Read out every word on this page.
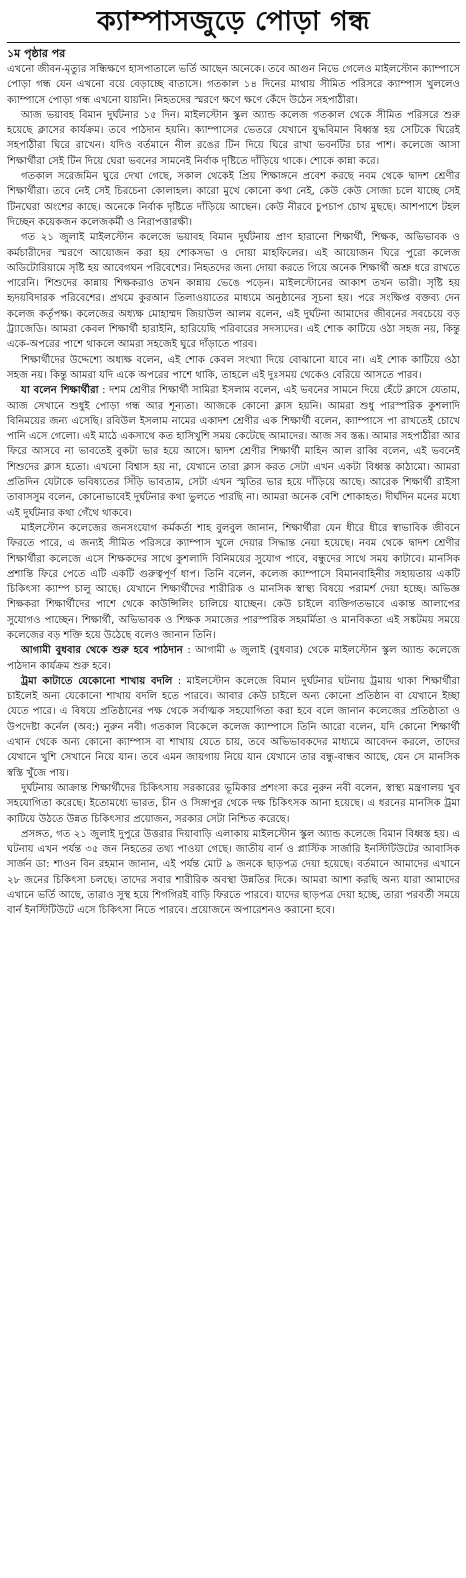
ক্যাম্পাসজুড়ে পোড়া গন্ধ
১ম পৃষ্ঠার পর

এখনো জীবন-মৃত্যুর সন্ধিক্ষণে হাসপাতালে ভর্তি আছেন অনেকে। তবে আগুন নিভে গেলেও মাইলস্টোন ক্যাম্পাসে পোড়া গন্ধ যেন এখনো বয়ে বেড়াচ্ছে বাতাসে। গতকাল ১৪ দিনের মাথায় সীমিত পরিসরে ক্যাম্পাস খুললেও ক্যাম্পাসে পোড়া গন্ধ এখনো যায়নি। নিহতদের স্মরণে ক্ষণে ক্ষণে কেঁদে উঠেন সহপাঠীরা।

আজ ভয়াবহ বিমান দুর্ঘটনার ১৫ দিন। মাইলস্টোন স্কুল অ্যান্ড কলেজ গতকাল থেকে সীমিত পরিসরে শুরু হয়েছে ক্লাসের কার্যক্রম। তবে পাঠদান হয়নি। ক্যাম্পাসের ভেতরে যেখানে যুদ্ধবিমান বিধ্বস্ত হয় সেটিকে ঘিরেই সহপাঠীরা ঘিরে রাখেন। যদিও বর্তমানে নীল রঙের টিন দিয়ে ঘিরে রাখা ভবনটির চার পাশ। কলেজে আসা শিক্ষার্থীরা সেই টিন দিয়ে ঘেরা ভবনের সামনেই নির্বাক দৃষ্টিতে দাঁড়িয়ে থাকে। শোকে কান্না করে।

গতকাল সরেজমিন ঘুরে দেখা গেছে, সকাল থেকেই প্রিয় শিক্ষাঙ্গনে প্রবেশ করছে নবম থেকে দ্বাদশ শ্রেণীর শিক্ষার্থীরা। তবে নেই সেই চিরচেনা কোলাহল। কারো মুখে কোনো কথা নেই, কেউ কেউ সোজা চলে যাচ্ছে সেই টিনঘেরা অংশের কাছে। অনেকে নির্বাক দৃষ্টিতে দাঁড়িয়ে আছেন। কেউ নীরবে চুপচাপ চোখ মুছছে। আশপাশে টহল দিচ্ছেন কয়েকজন কলেজকর্মী ও নিরাপত্তারক্ষী।

গত ২১ জুলাই মাইলস্টোন কলেজে ভয়াবহ বিমান দুর্ঘটনায় প্রাণ হারানো শিক্ষার্থী, শিক্ষক, অভিভাবক ও কর্মচারীদের স্মরণে আয়োজন করা হয় শোকসভা ও দোয়া মাহফিলের। এই আয়োজন ঘিরে পুরো কলেজ অডিটোরিয়ামে সৃষ্টি হয় আবেগঘন পরিবেশের। নিহতদের জন্য দোয়া করতে গিয়ে অনেক শিক্ষার্থী অশ্রু ধরে রাখতে পারেনি। শিশুদের কান্নায় শিক্ষকরাও তখন কান্নায় ভেঙে পড়েন। মাইলস্টোনের আকাশ তখন ভারী। সৃষ্টি হয় হৃদয়বিদারক পরিবেশের। প্রথমে কুরআন তিলাওয়াতের মাধ্যমে অনুষ্ঠানের সূচনা হয়। পরে সংক্ষিপ্ত বক্তব্য দেন কলেজ কর্তৃপক্ষ। কলেজের অধ্যক্ষ মোহাম্মদ জিয়াউল আলম বলেন, এই দুর্ঘটনা আমাদের জীবনের সবচেয়ে বড় ট্র্যাজেডি। আমরা কেবল শিক্ষার্থী হারাইনি, হারিয়েছি পরিবারের সদস্যদের। এই শোক কাটিয়ে ওঠা সহজ নয়, কিন্তু একে-অপরের পাশে থাকলে আমরা সহজেই ঘুরে দাঁড়াতে পারব।

শিক্ষার্থীদের উদ্দেশ্যে অধ্যক্ষ বলেন, এই শোক কেবল সংখ্যা দিয়ে বোঝানো যাবে না। এই শোক কাটিয়ে ওঠা সহজ নয়। কিন্তু আমরা যদি একে অপরের পাশে থাকি, তাহলে এই দুঃসময় থেকেও বেরিয়ে আসতে পারব।

যা বলেন শিক্ষার্থীরা : দশম শ্রেণীর শিক্ষার্থী সামিরা ইসলাম বলেন, এই ভবনের সামনে দিয়ে হেঁটে ক্লাসে যেতাম, আজ সেখানে শুধুই পোড়া গন্ধ আর শূন্যতা। আজকে কোনো ক্লাস হয়নি। আমরা শুধু পারস্পরিক কুশলাদি বিনিময়ের জন্য এসেছি। রবিউল ইসলাম নামের একাদশ শ্রেণীর এক শিক্ষার্থী বলেন, ক্যাম্পাসে পা রাখতেই চোখে পানি এসে গেলো। এই মাঠে একসাথে কত হাসিখুশি সময় কেটেছে আমাদের। আজ সব স্তব্ধ। আমার সহপাঠীরা আর ফিরে আসবে না ভাবতেই বুকটা ভার হয়ে আসে। দ্বাদশ শ্রেণীর শিক্ষার্থী মাহিন আল রাব্বি বলেন, এই ভবনেই শিশুদের ক্লাস হতো। এখনো বিশ্বাস হয় না, যেখানে তারা ক্লাস করত সেটা এখন একটা বিধ্বস্ত কাঠামো। আমরা প্রতিদিন যেটাকে ভবিষ্যতের সিঁড়ি ভাবতাম, সেটা এখন স্মৃতির ভার হয়ে দাঁড়িয়ে আছে। আরেক শিক্ষার্থী রাইসা তাবাসসুম বলেন, কোনোভাবেই দুর্ঘটনার কথা ভুলতে পারছি না। আমরা অনেক বেশি শোকাহত। দীর্ঘদিন মনের মধ্যে এই দুর্ঘটনার কথা গেঁথে থাকবে।

মাইলস্টোন কলেজের জনসংযোগ কর্মকর্তা শাহ বুলবুল জানান, শিক্ষার্থীরা যেন ধীরে ধীরে স্বাভাবিক জীবনে ফিরতে পারে, এ জন্যই সীমিত পরিসরে ক্যাম্পাস খুলে দেয়ার সিদ্ধান্ত নেয়া হয়েছে। নবম থেকে দ্বাদশ শ্রেণীর শিক্ষার্থীরা কলেজে এসে শিক্ষকদের সাথে কুশলাদি বিনিময়ের সুযোগ পাবে, বন্ধুদের সাথে সময় কাটাবে। মানসিক প্রশান্তি ফিরে পেতে এটি একটি গুরুত্বপূর্ণ ধাপ। তিনি বলেন, কলেজ ক্যাম্পাসে বিমানবাহিনীর সহায়তায় একটি চিকিৎসা ক্যাম্প চালু আছে। যেখানে শিক্ষার্থীদের শারীরিক ও মানসিক স্বাস্থ্য বিষয়ে পরামর্শ দেয়া হচ্ছে। অভিজ্ঞ শিক্ষকরা শিক্ষার্থীদের পাশে থেকে কাউন্সিলিং চালিয়ে যাচ্ছেন। কেউ চাইলে ব্যক্তিগতভাবে একান্ত আলাপের সুযোগও পাচ্ছেন। শিক্ষার্থী, অভিভাবক ও শিক্ষক সমাজের পারস্পরিক সহমর্মিতা ও মানবিকতা এই সঙ্কটময় সময়ে কলেজের বড় শক্তি হয়ে উঠেছে বলেও জানান তিনি।

আগামী বুধবার থেকে শুরু হবে পাঠদান : আগামী ৬ জুলাই (বুধবার) থেকে মাইলস্টোন স্কুল অ্যান্ড কলেজে পাঠদান কার্যক্রম শুরু হবে।

ট্রমা কাটাতে যেকোনো শাখায় বদলি : মাইলস্টোন কলেজে বিমান দুর্ঘটনার ঘটনায় ট্রমায় থাকা শিক্ষার্থীরা চাইলেই অন্য যেকোনো শাখায় বদলি হতে পারবে। আবার কেউ চাইলে অন্য কোনো প্রতিষ্ঠান বা যেখানে ইচ্ছা যেতে পারে। এ বিষয়ে প্রতিষ্ঠানের পক্ষ থেকে সর্বাত্মক সহযোগিতা করা হবে বলে জানান কলেজের প্রতিষ্ঠাতা ও উপদেষ্টা কর্নেল (অব:) নুরুন নবী। গতকাল বিকেলে কলেজ ক্যাম্পাসে তিনি আরো বলেন, যদি কোনো শিক্ষার্থী এখান থেকে অন্য কোনো ক্যাম্পাস বা শাখায় যেতে চায়, তবে অভিভাবকদের মাধ্যমে আবেদন করলে, তাদের যেখানে খুশি সেখানে নিয়ে যান। তবে এমন জায়গায় নিয়ে যান যেখানে তার বন্ধু-বান্ধব আছে, যেন সে মানসিক স্বস্তি খুঁজে পায়।

দুর্ঘটনায় আক্রান্ত শিক্ষার্থীদের চিকিৎসায় সরকারের ভূমিকার প্রশংসা করে নুরুন নবী বলেন, স্বাস্থ্য মন্ত্রণালয় খুব সহযোগিতা করেছে। ইতোমধ্যে ভারত, চীন ও সিঙ্গাপুর থেকে দক্ষ চিকিৎসক আনা হয়েছে। এ ধরনের মানসিক ট্রমা কাটিয়ে উঠতে উন্নত চিকিৎসার প্রয়োজন, সরকার সেটা নিশ্চিত করেছে।

প্রসঙ্গত, গত ২১ জুলাই দুপুরে উত্তরার দিয়াবাড়ি এলাকায় মাইলস্টোন স্কুল অ্যান্ড কলেজে বিমান বিধ্বস্ত হয়। এ ঘটনায় এখন পর্যন্ত ৩৫ জন নিহতের তথ্য পাওয়া গেছে। জাতীয় বার্ন ও প্লাস্টিক সার্জারি ইনস্টিটিউটের আবাসিক সার্জন ডা: শাওন বিন রহমান জানান, এই পর্যন্ত মোট ৯ জনকে ছাড়পত্র দেয়া হয়েছে। বর্তমানে আমাদের এখানে ২৮ জনের চিকিৎসা চলছে। তাদের সবার শারীরিক অবস্থা উন্নতির দিকে। আমরা আশা করছি অন্য যারা আমাদের এখানে ভর্তি আছে, তারাও সুস্থ হয়ে শিগগিরই বাড়ি ফিরতে পারবে। যাদের ছাড়পত্র দেয়া হচ্ছে, তারা পরবর্তী সময়ে বার্ন ইনস্টিটিউটে এসে চিকিৎসা নিতে পারবে। প্রয়োজনে অপারেশনও করানো হবে।
